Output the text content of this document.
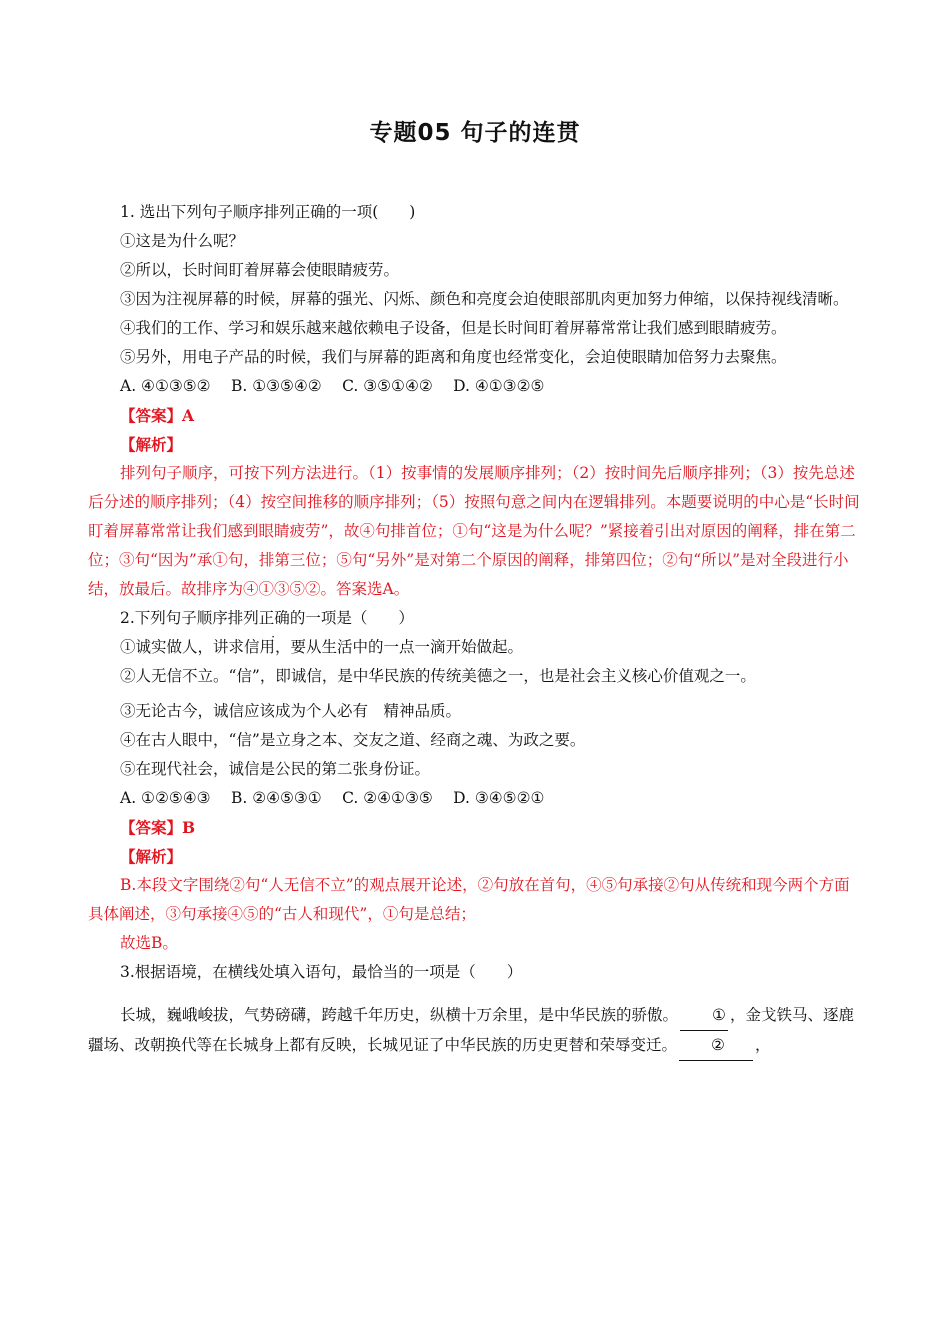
专题05 句子的连贯
1. 选出下列句子顺序排列正确的一项(　　)
①这是为什么呢？
②所以，长时间盯着屏幕会使眼睛疲劳。
③因为注视屏幕的时候，屏幕的强光、闪烁、颜色和亮度会迫使眼部肌肉更加努力伸缩，以保持视线清晰。
④我们的工作、学习和娱乐越来越依赖电子设备，但是长时间盯着屏幕常常让我们感到眼睛疲劳。
⑤另外，用电子产品的时候，我们与屏幕的距离和角度也经常变化，会迫使眼睛加倍努力去聚焦。
A. ④①③⑤②　 B. ①③⑤④②　 C. ③⑤①④②　 D. ④①③②⑤
【答案】A
【解析】
排列句子顺序，可按下列方法进行。（1）按事情的发展顺序排列；（2）按时间先后顺序排列；（3）按先总述后分述的顺序排列；（4）按空间推移的顺序排列；（5）按照句意之间内在逻辑排列。本题要说明的中心是“长时间盯着屏幕常常让我们感到眼睛疲劳”，故④句排首位；①句“这是为什么呢？”紧接着引出对原因的阐释，排在第二位；③句“因为”承①句，排第三位；⑤句“另外”是对第二个原因的阐释，排第四位；②句“所以”是对全段进行小结，放最后。故排序为④①③⑤②。答案选A。
2.下列句子顺序排列正确的一项是（　　）
①诚实做人，讲求信用，要从生活中的一点一滴开始做起。
②人无信不立。“信”，即诚信，是中华民族的传统美德之一，也是社会主义核心价值观之一。
③无论古今，诚信应该成为个人必有　精神品质。
④在古人眼中，“信”是立身之本、交友之道、经商之魂、为政之要。
⑤在现代社会，诚信是公民的第二张身份证。
A. ①②⑤④③　 B. ②④⑤③①　 C. ②④①③⑤　 D. ③④⑤②①
【答案】B
【解析】
B.本段文字围绕②句“人无信不立”的观点展开论述，②句放在首句，④⑤句承接②句从传统和现今两个方面具体阐述，③句承接④⑤的“古人和现代”，①句是总结；
故选B。
3.根据语境，在横线处填入语句，最恰当的一项是（　　）
长城，巍峨峻拔，气势磅礴，跨越千年历史，纵横十万余里，是中华民族的骄傲。 ① ，金戈铁马、逐鹿疆场、改朝换代等在长城身上都有反映，长城见证了中华民族的历史更替和荣辱变迁。 ② ，
